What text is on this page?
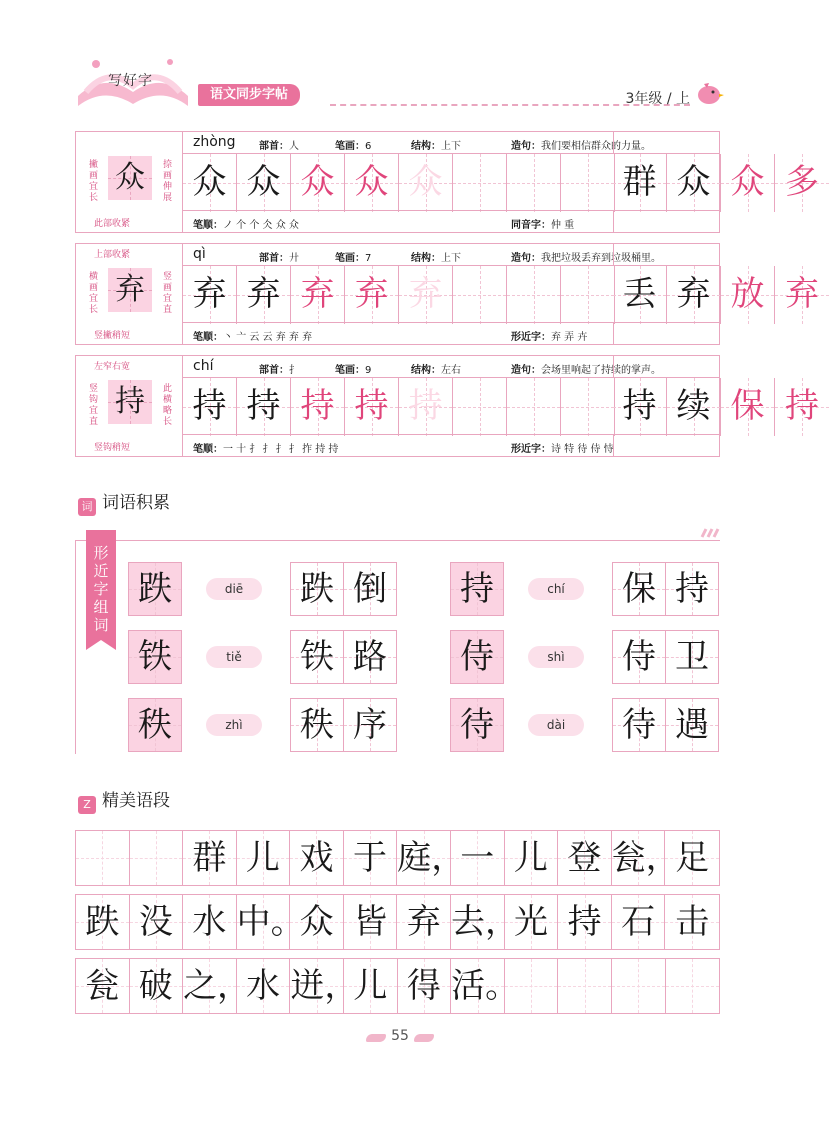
写好字
语文同步字帖	3年级 / 上
众
此部收紧
撇画宜长
捺画伸展
zhòng 部首：人	笔画：6	结构：上下	造句：我们要相信群众的力量。
众 众 众 众 众	群 众 众 多
笔顺：ノ 个 个 仌 众 众	同音字：仲 重
弃
上部收紧
竖撇稍短
横画宜长
竖画宜直
qì	部首：廾	笔画：7	结构：上下	造句：我把垃圾丢弃到垃圾桶里。
弃 弃 弃 弃 弃	丢 弃 放 弃
笔顺：丶 亠 云 云 弃 弃 弃	形近字：弃 弄 卉
持
左窄右宽
竖钩稍短
竖钩宜直
此横略长
chí	部首：扌	笔画：9	结构：左右	造句：会场里响起了持续的掌声。
持 持 持 持 持	持 续 保 持
笔顺：一 十 扌 扌 扌 扌 拃 持 持	形近字：诗 特 待 侍 恃
词 词语积累
形近字组词
跌	diē	跌 倒
铁	tiě	铁 路
秩	zhì	秩 序
持	chí	保 持
侍	shì	侍 卫
待	dài	待 遇
Z 精美语段
群 儿 戏 于 庭，
一 儿 登 瓮，
足
跌 没 水 中。
众 皆 弃 去，
光 持 石 击
瓮 破 之，
水 迸，
儿 得 活。
55
